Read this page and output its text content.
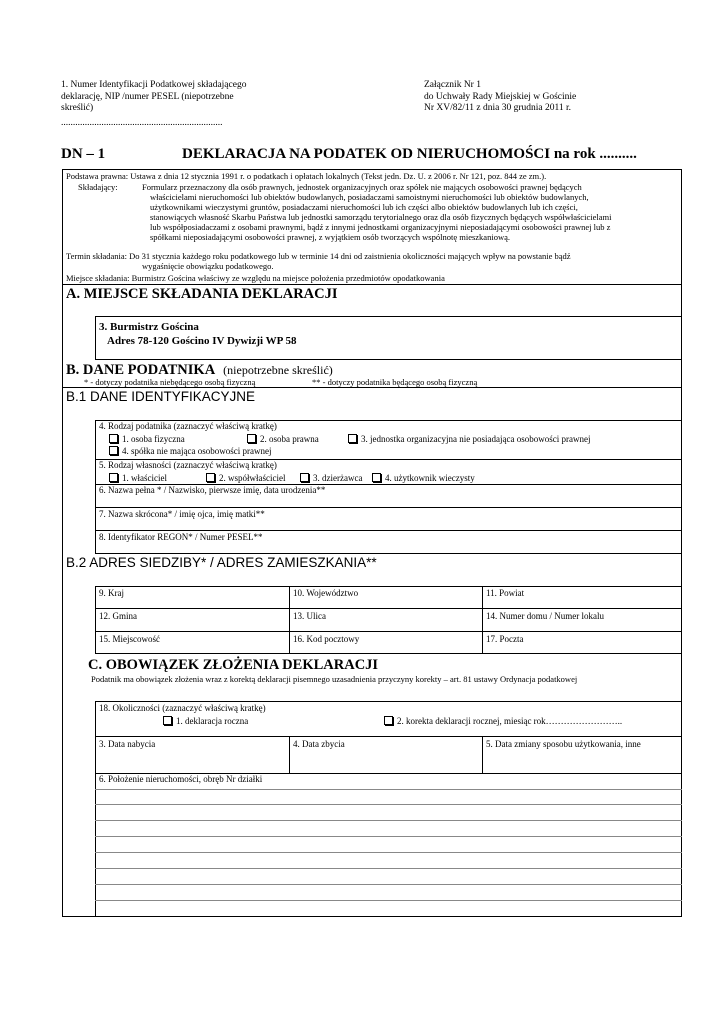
1. Numer Identyfikacji Podatkowej składającego
deklarację, NIP /numer PESEL (niepotrzebne
skreślić)
....................................................................
Załącznik Nr 1
do Uchwały Rady Miejskiej w Gościnie
Nr XV/82/11 z dnia 30 grudnia 2011 r.
DN – 1	DEKLARACJA NA PODATEK OD NIERUCHOMOŚCI na rok ..........
Podstawa prawna: Ustawa z dnia 12 stycznia 1991 r. o podatkach i opłatach lokalnych (Tekst jedn. Dz. U. z 2006 r. Nr 121, poz. 844 ze zm.).
Składający:	Formularz przeznaczony dla osób prawnych, jednostek organizacyjnych oraz spółek nie mających osobowości prawnej będących
właścicielami nieruchomości lub obiektów budowlanych, posiadaczami samoistnymi nieruchomości lub obiektów budowlanych,
użytkownikami wieczystymi gruntów, posiadaczami nieruchomości lub ich części albo obiektów budowlanych lub ich części,
stanowiących własność Skarbu Państwa lub jednostki samorządu terytorialnego oraz dla osób fizycznych będących współwłaścicielami
lub współposiadaczami z osobami prawnymi, bądź z innymi jednostkami organizacyjnymi nieposiadającymi osobowości prawnej lub z
spółkami nieposiadającymi osobowości prawnej, z wyjątkiem osób tworzących wspólnotę mieszkaniową.
Termin składania: Do 31 stycznia każdego roku podatkowego lub w terminie 14 dni od zaistnienia okoliczności mających wpływ na powstanie bądź
wygaśnięcie obowiązku podatkowego.
Miejsce składania: Burmistrz Gościna właściwy ze względu na miejsce położenia przedmiotów opodatkowania
A. MIEJSCE SKŁADANIA DEKLARACJI
3. Burmistrz Gościna
Adres 78-120 Gościno IV Dywizji WP 58
B. DANE PODATNIKA (niepotrzebne skreślić)
* - dotyczy podatnika niebędącego osobą fizyczną	** - dotyczy podatnika będącego osobą fizyczną
B.1 DANE IDENTYFIKACYJNE
4. Rodzaj podatnika (zaznaczyć właściwą kratkę)
1. osoba fizyczna	2. osoba prawna	3. jednostka organizacyjna nie posiadająca osobowości prawnej
4. spółka nie mająca osobowości prawnej
5. Rodzaj własności (zaznaczyć właściwą kratkę)
1. właściciel	2. współwłaściciel	3. dzierżawca	4. użytkownik wieczysty
6. Nazwa pełna * / Nazwisko, pierwsze imię, data urodzenia**
7. Nazwa skrócona* / imię ojca, imię matki**
8. Identyfikator REGON* / Numer PESEL**
B.2 ADRES SIEDZIBY* / ADRES ZAMIESZKANIA**
9. Kraj	10. Województwo	11. Powiat
12. Gmina	13. Ulica	14. Numer domu / Numer lokalu
15. Miejscowość	16. Kod pocztowy	17. Poczta
C. OBOWIĄZEK ZŁOŻENIA DEKLARACJI
Podatnik ma obowiązek złożenia wraz z korektą deklaracji pisemnego uzasadnienia przyczyny korekty – art. 81 ustawy Ordynacja podatkowej
18. Okoliczności (zaznaczyć właściwą kratkę)
1. deklaracja roczna	2. korekta deklaracji rocznej, miesiąc rok……………………..
3. Data nabycia	4. Data zbycia	5. Data zmiany sposobu użytkowania, inne
6. Położenie nieruchomości, obręb Nr działki
